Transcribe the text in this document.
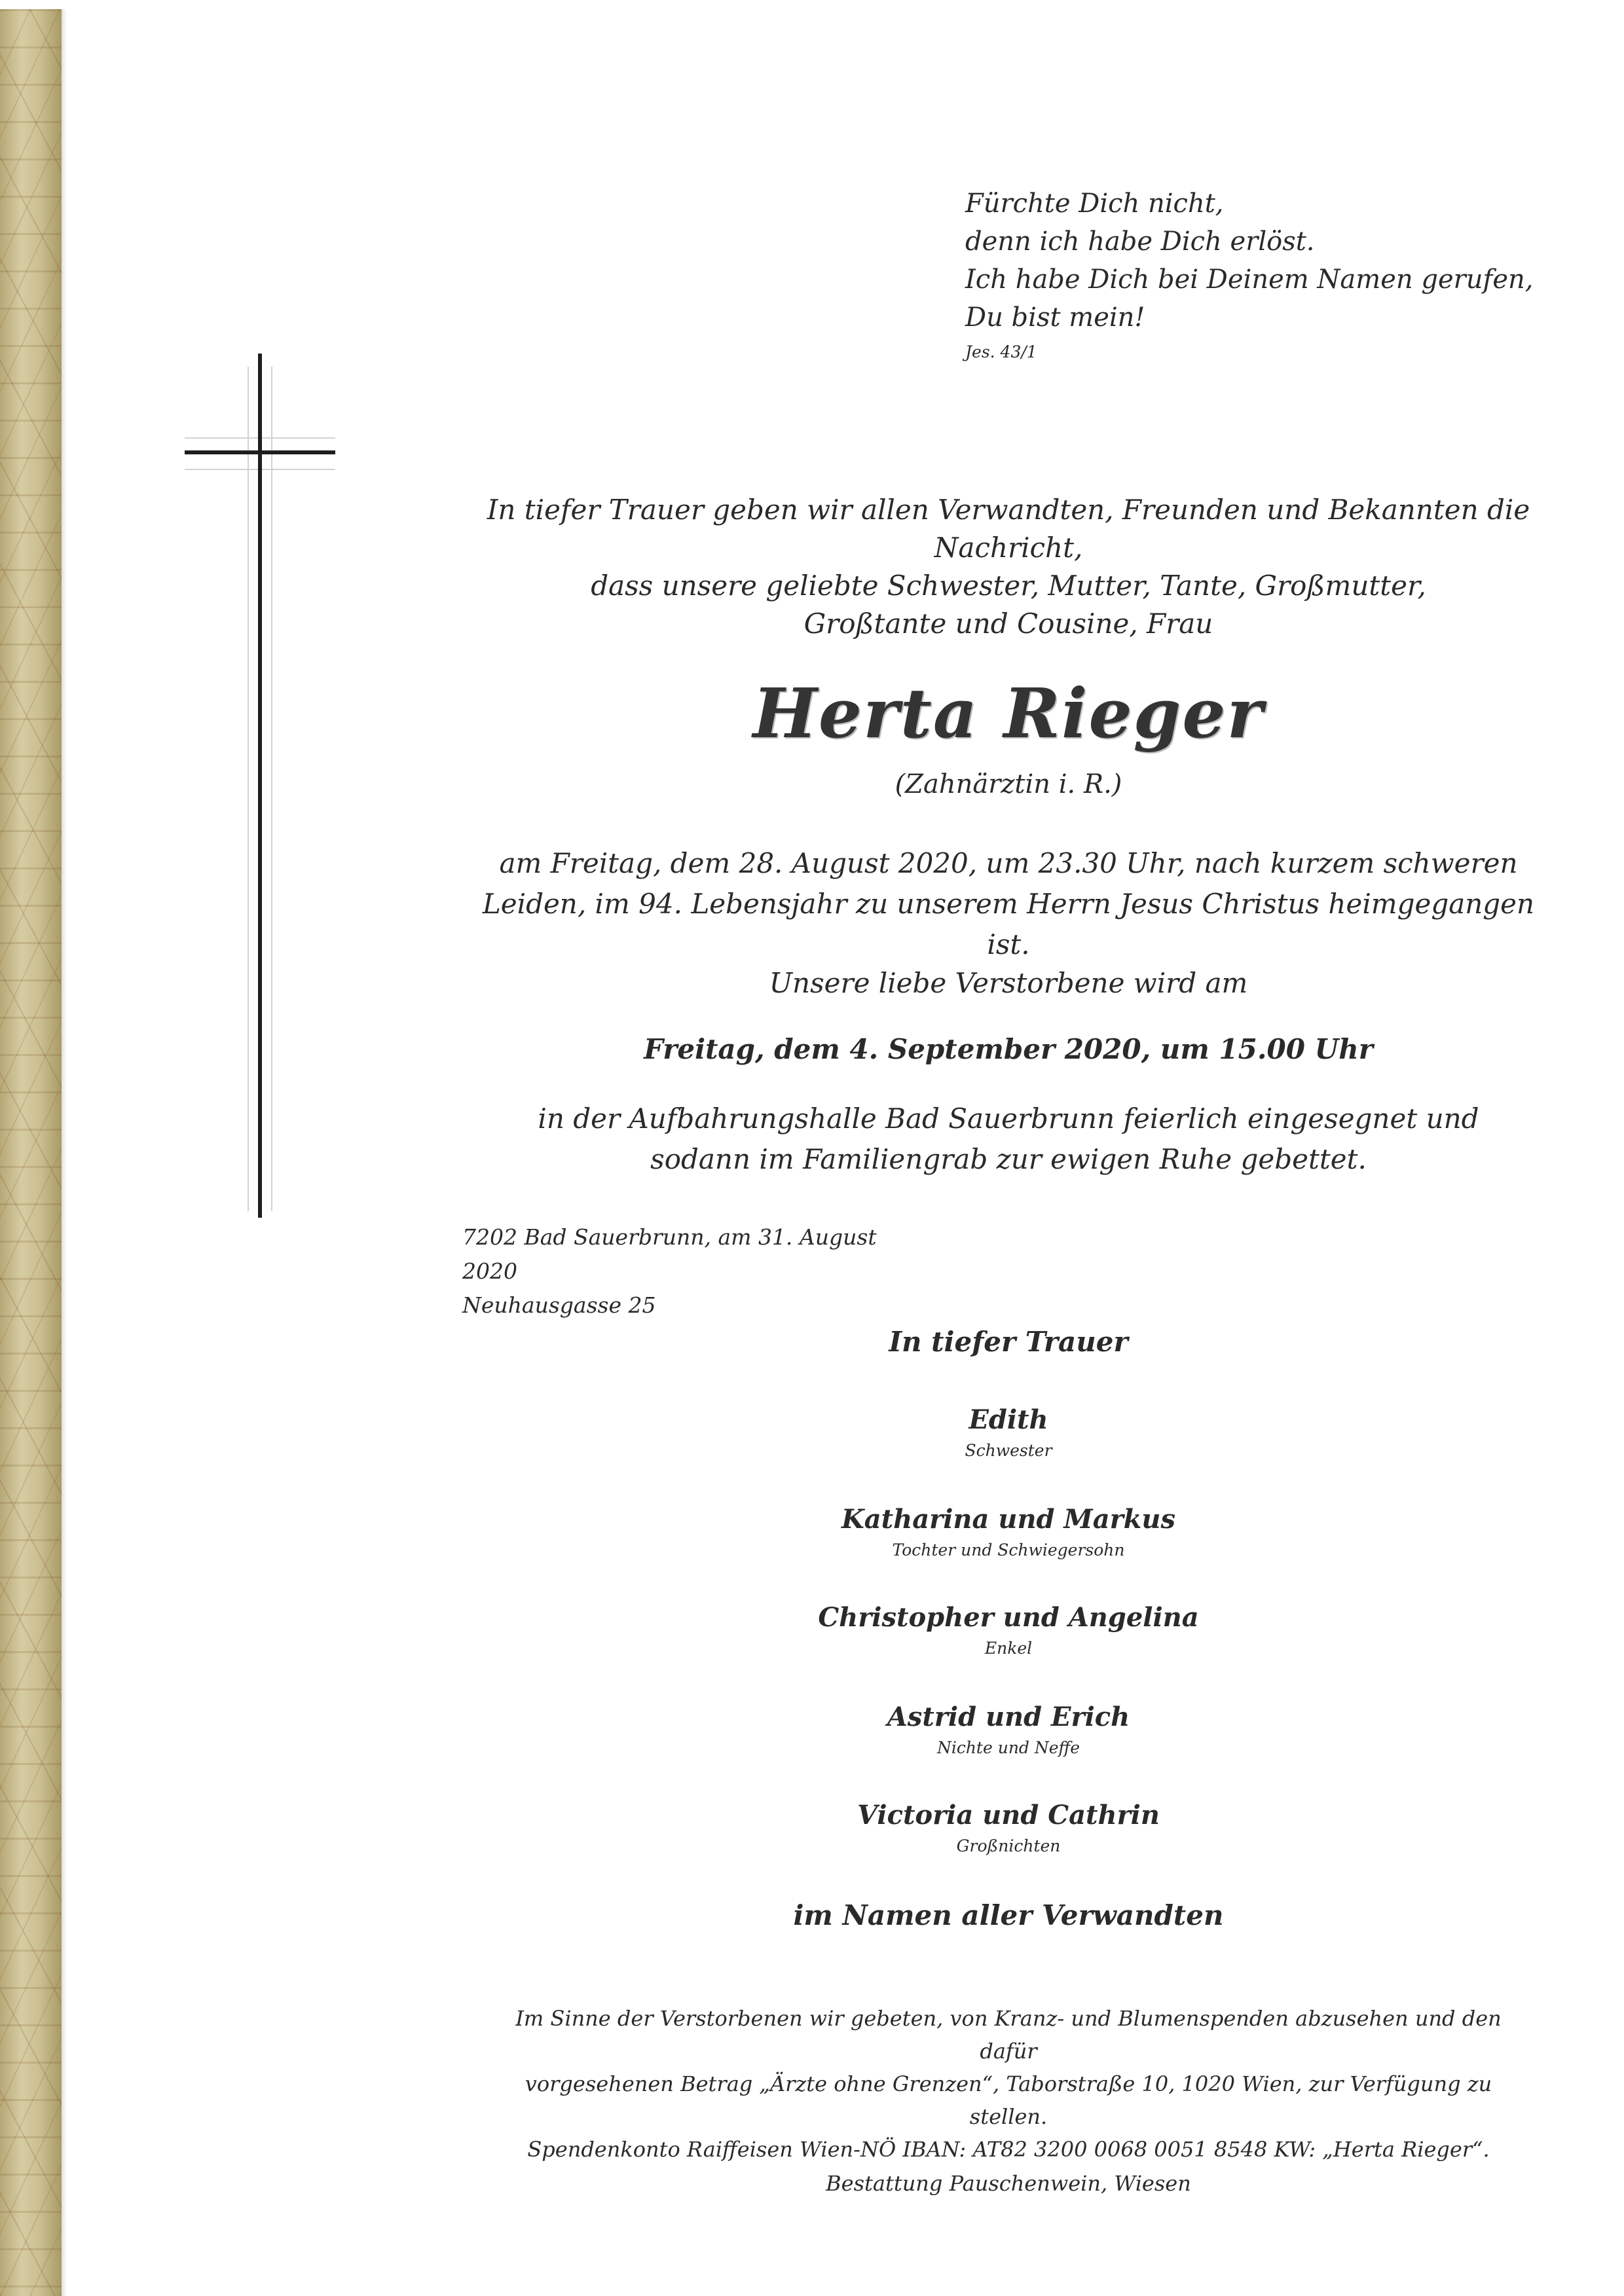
Fürchte Dich nicht,
denn ich habe Dich erlöst.
Ich habe Dich bei Deinem Namen gerufen,
Du bist mein!
Jes. 43/1
In tiefer Trauer geben wir allen Verwandten, Freunden und Bekannten die Nachricht,
dass unsere geliebte Schwester, Mutter, Tante, Großmutter,
Großtante und Cousine, Frau
Herta Rieger
(Zahnärztin i. R.)
am Freitag, dem 28. August 2020, um 23.30 Uhr, nach kurzem schweren
Leiden, im 94. Lebensjahr zu unserem Herrn Jesus Christus heimgegangen ist.
Unsere liebe Verstorbene wird am
Freitag, dem 4. September 2020, um 15.00 Uhr
in der Aufbahrungshalle Bad Sauerbrunn feierlich eingesegnet und
sodann im Familiengrab zur ewigen Ruhe gebettet.
7202 Bad Sauerbrunn, am 31. August 2020
Neuhausgasse 25
In tiefer Trauer
Edith
Schwester
Katharina und Markus
Tochter und Schwiegersohn
Christopher und Angelina
Enkel
Astrid und Erich
Nichte und Neffe
Victoria und Cathrin
Großnichten
im Namen aller Verwandten
Im Sinne der Verstorbenen wir gebeten, von Kranz- und Blumenspenden abzusehen und den dafür
vorgesehenen Betrag „Ärzte ohne Grenzen“, Taborstraße 10, 1020 Wien, zur Verfügung zu stellen.
Spendenkonto Raiffeisen Wien-NÖ IBAN: AT82 3200 0068 0051 8548 KW: „Herta Rieger“.
Bestattung Pauschenwein, Wiesen
